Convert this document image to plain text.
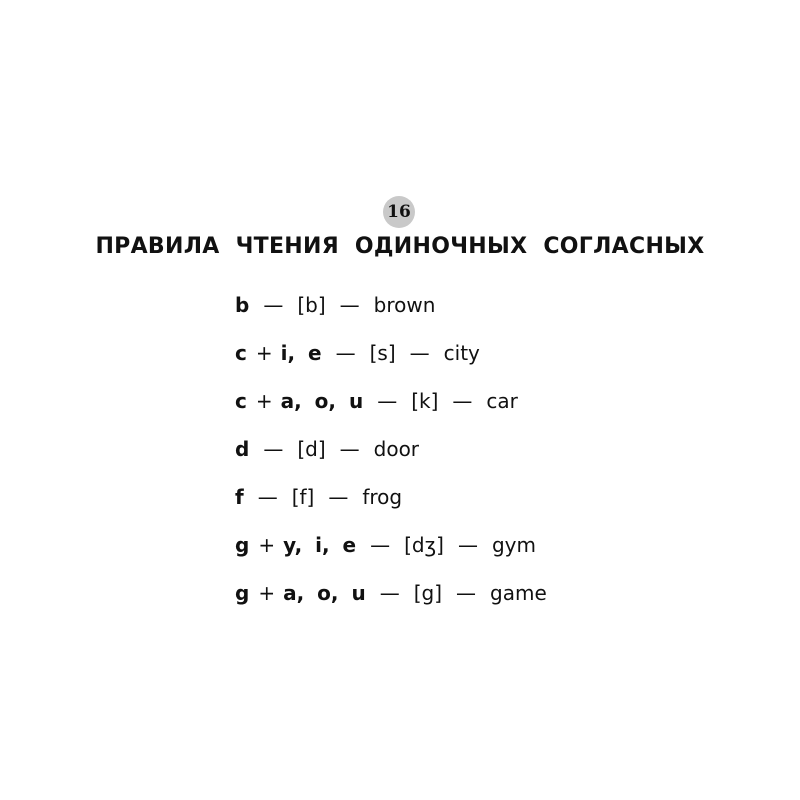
16
ПРАВИЛА ЧТЕНИЯ ОДИНОЧНЫХ СОГЛАСНЫХ
b — [b] — brown
c + i, e — [s] — city
c + a, o, u — [k] — car
d — [d] — door
f — [f] — frog
g + y, i, e — [dʒ] — gym
g + a, o, u — [g] — game
